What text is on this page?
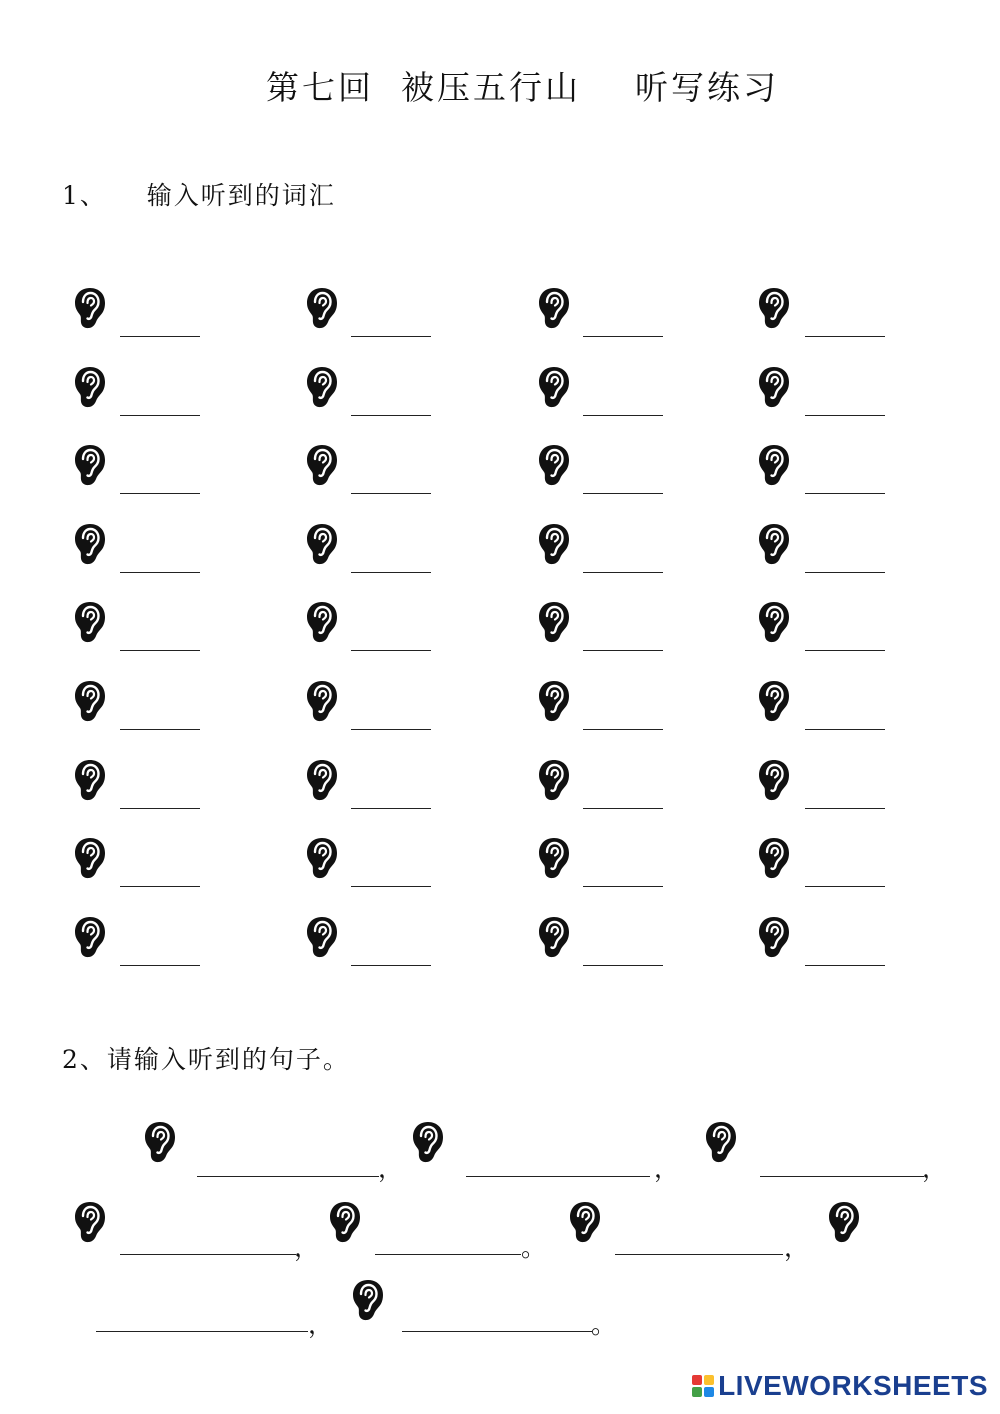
第七回  被压五行山    听写练习
1、    输入听到的词汇
2、请输入听到的句子。
，	，	，
，	。	，
，	。
LIVEWORKSHEETS
